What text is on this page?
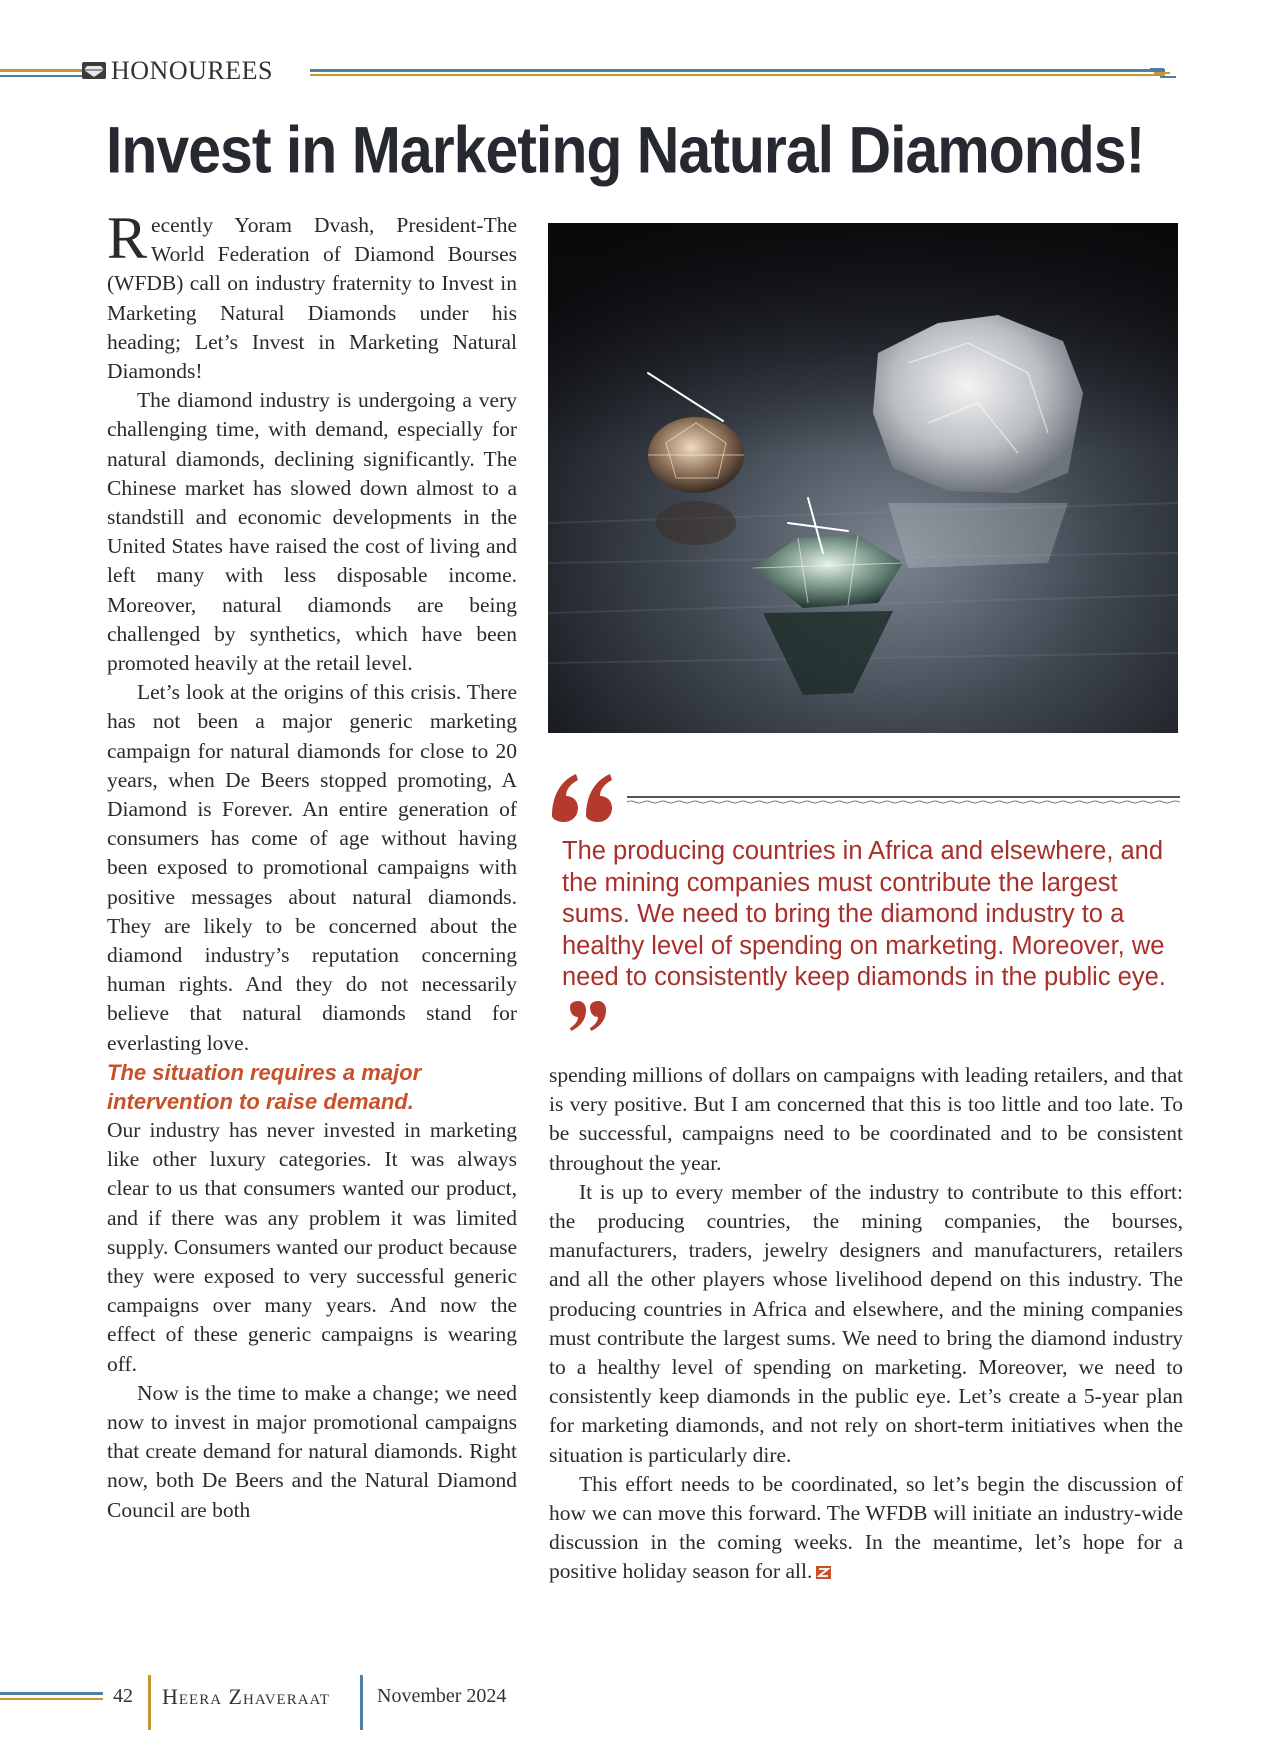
HONOUREES
Invest in Marketing Natural Diamonds!

Recently Yoram Dvash, President-The World Federation of Diamond Bourses (WFDB) call on industry fraternity to Invest in Marketing Natural Diamonds under his heading; Let’s Invest in Marketing Natural Diamonds!

The diamond industry is undergoing a very challenging time, with demand, especially for natural diamonds, declining significantly. The Chinese market has slowed down almost to a standstill and economic developments in the United States have raised the cost of living and left many with less disposable income. Moreover, natural diamonds are being challenged by synthetics, which have been promoted heavily at the retail level.

Let’s look at the origins of this crisis. There has not been a major generic marketing campaign for natural diamonds for close to 20 years, when De Beers stopped promoting, A Diamond is Forever. An entire generation of consumers has come of age without having been exposed to promotional campaigns with positive messages about natural diamonds. They are likely to be concerned about the diamond industry’s reputation concerning human rights. And they do not necessarily believe that natural diamonds stand for everlasting love.

The situation requires a major intervention to raise demand.

Our industry has never invested in marketing like other luxury categories. It was always clear to us that consumers wanted our product, and if there was any problem it was limited supply. Consumers wanted our product because they were exposed to very successful generic campaigns over many years. And now the effect of these generic campaigns is wearing off.

Now is the time to make a change; we need now to invest in major promotional campaigns that create demand for natural diamonds. Right now, both De Beers and the Natural Diamond Council are both

The producing countries in Africa and elsewhere, and the mining companies must contribute the largest sums. We need to bring the diamond industry to a healthy level of spending on marketing. Moreover, we need to consistently keep diamonds in the public eye.

spending millions of dollars on campaigns with leading retailers, and that is very positive. But I am concerned that this is too little and too late. To be successful, campaigns need to be coordinated and to be consistent throughout the year.

It is up to every member of the industry to contribute to this effort: the producing countries, the mining companies, the bourses, manufacturers, traders, jewelry designers and manufacturers, retailers and all the other players whose livelihood depend on this industry. The producing countries in Africa and elsewhere, and the mining companies must contribute the largest sums. We need to bring the diamond industry to a healthy level of spending on marketing. Moreover, we need to consistently keep diamonds in the public eye. Let’s create a 5-year plan for marketing diamonds, and not rely on short-term initiatives when the situation is particularly dire.

This effort needs to be coordinated, so let’s begin the discussion of how we can move this forward. The WFDB will initiate an industry-wide discussion in the coming weeks. In the meantime, let’s hope for a positive holiday season for all.

42 Heera Zhaveraat November 2024
